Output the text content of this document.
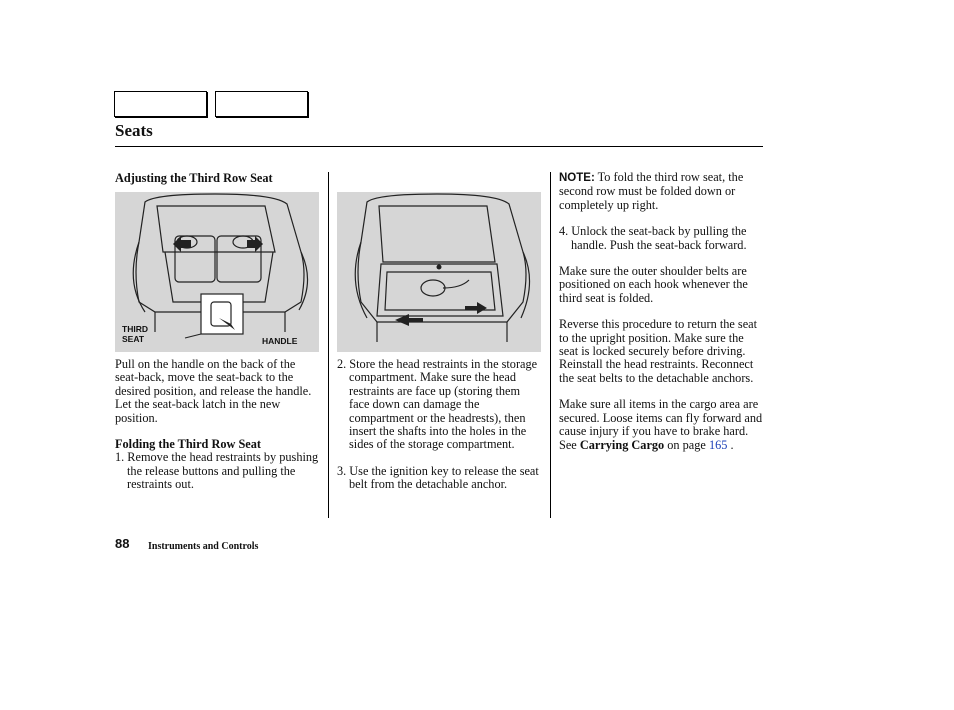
Seats

Adjusting the Third Row Seat

THIRD
SEAT	HANDLE

Pull on the handle on the back of the seat-back, move the seat-back to the desired position, and release the handle. Let the seat-back latch in the new position.

Folding the Third Row Seat

1. Remove the head restraints by pushing the release buttons and pulling the restraints out.

2. Store the head restraints in the storage compartment. Make sure the head restraints are face up (storing them face down can damage the compartment or the headrests), then insert the shafts into the holes in the sides of the storage compartment.

3. Use the ignition key to release the seat belt from the detachable anchor.

NOTE: To fold the third row seat, the second row must be folded down or completely up right.

4. Unlock the seat-back by pulling the handle. Push the seat-back forward.

Make sure the outer shoulder belts are positioned on each hook whenever the third seat is folded.

Reverse this procedure to return the seat to the upright position. Make sure the seat is locked securely before driving. Reinstall the head restraints. Reconnect the seat belts to the detachable anchors.

Make sure all items in the cargo area are secured. Loose items can fly forward and cause injury if you have to brake hard. See Carrying Cargo on page 165 .

88 Instruments and Controls
